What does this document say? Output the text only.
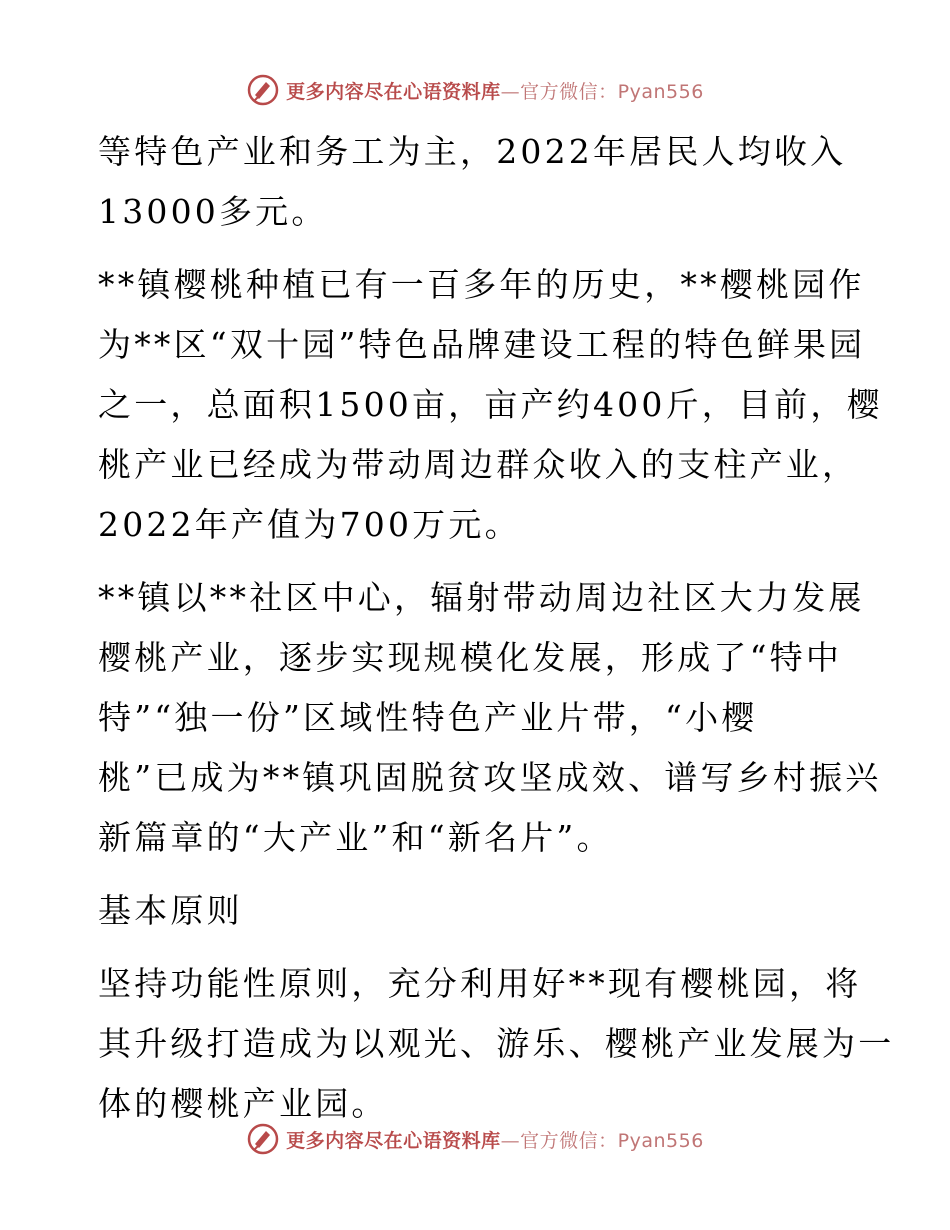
更多内容尽在心语资料库—官方微信：Pyan556

等特色产业和务工为主，2022年居民人均收入
13000多元。

**镇樱桃种植已有一百多年的历史，**樱桃园作
为**区“双十园”特色品牌建设工程的特色鲜果园
之一，总面积1500亩，亩产约400斤，目前，樱
桃产业已经成为带动周边群众收入的支柱产业，
2022年产值为700万元。

**镇以**社区中心，辐射带动周边社区大力发展
樱桃产业，逐步实现规模化发展，形成了“特中
特”“独一份”区域性特色产业片带，“小樱
桃”已成为**镇巩固脱贫攻坚成效、谱写乡村振兴
新篇章的“大产业”和“新名片”。

基本原则

坚持功能性原则，充分利用好**现有樱桃园，将
其升级打造成为以观光、游乐、樱桃产业发展为一
体的樱桃产业园。

更多内容尽在心语资料库—官方微信：Pyan556
